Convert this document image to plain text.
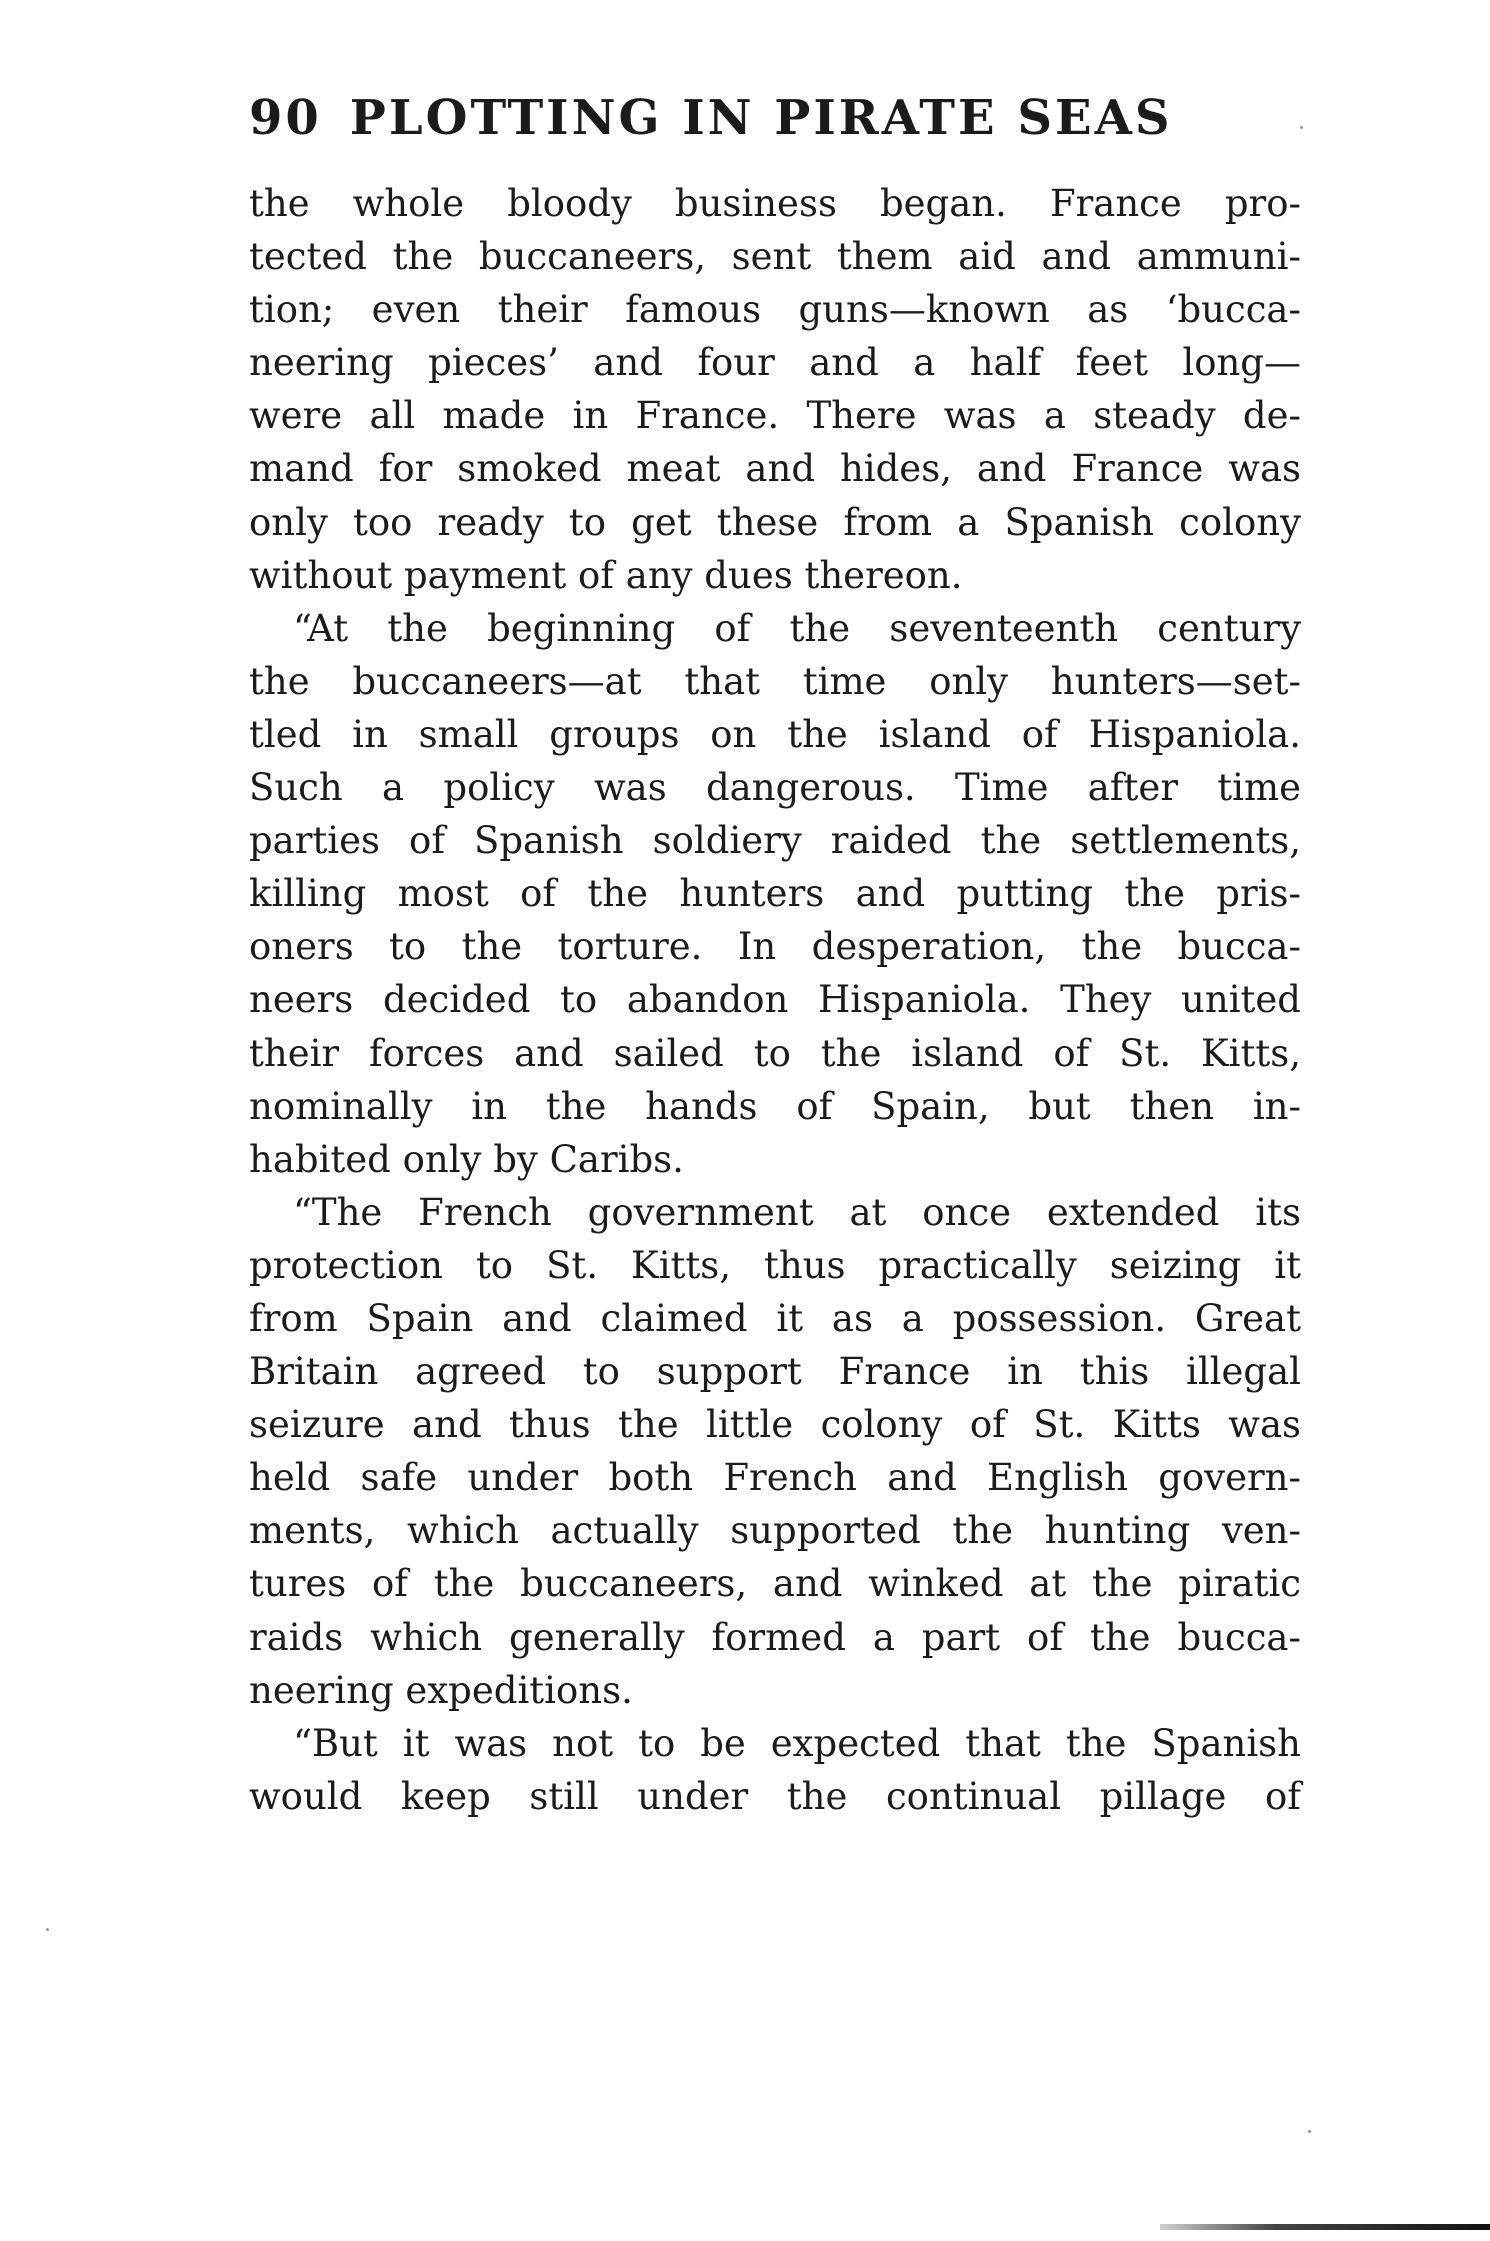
90 PLOTTING IN PIRATE SEAS
the whole bloody business began. France pro-
tected the buccaneers, sent them aid and ammuni-
tion; even their famous guns—known as ‘bucca-
neering pieces’ and four and a half feet long—
were all made in France. There was a steady de-
mand for smoked meat and hides, and France was
only too ready to get these from a Spanish colony
without payment of any dues thereon.
“At the beginning of the seventeenth century
the buccaneers—at that time only hunters—set-
tled in small groups on the island of Hispaniola.
Such a policy was dangerous. Time after time
parties of Spanish soldiery raided the settlements,
killing most of the hunters and putting the pris-
oners to the torture. In desperation, the bucca-
neers decided to abandon Hispaniola. They united
their forces and sailed to the island of St. Kitts,
nominally in the hands of Spain, but then in-
habited only by Caribs.
“The French government at once extended its
protection to St. Kitts, thus practically seizing it
from Spain and claimed it as a possession. Great
Britain agreed to support France in this illegal
seizure and thus the little colony of St. Kitts was
held safe under both French and English govern-
ments, which actually supported the hunting ven-
tures of the buccaneers, and winked at the piratic
raids which generally formed a part of the bucca-
neering expeditions.
“But it was not to be expected that the Spanish
would keep still under the continual pillage of
